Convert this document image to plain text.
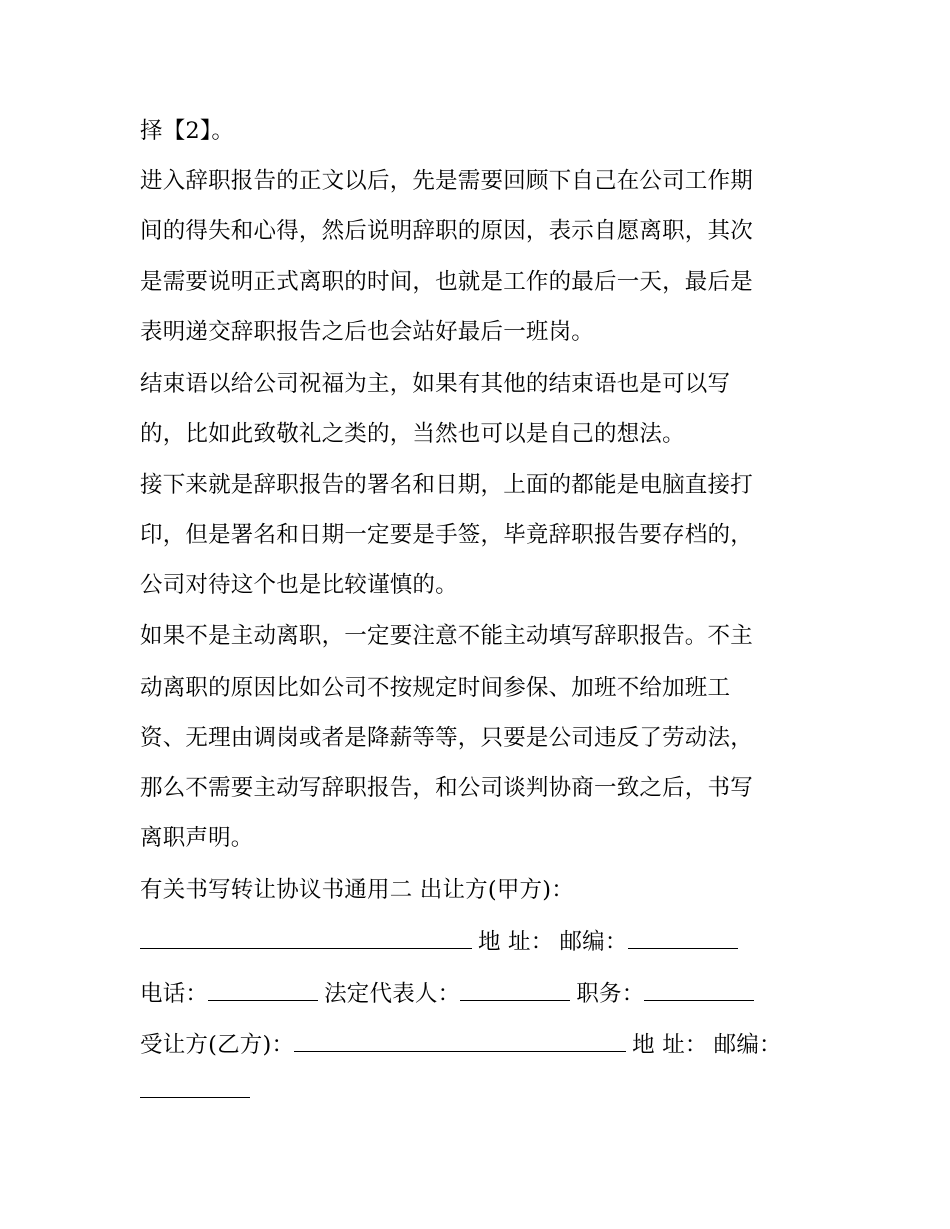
择【2】。

进入辞职报告的正文以后，先是需要回顾下自己在公司工作期

间的得失和心得，然后说明辞职的原因，表示自愿离职，其次

是需要说明正式离职的时间，也就是工作的最后一天，最后是

表明递交辞职报告之后也会站好最后一班岗。

结束语以给公司祝福为主，如果有其他的结束语也是可以写

的，比如此致敬礼之类的，当然也可以是自己的想法。

接下来就是辞职报告的署名和日期，上面的都能是电脑直接打

印，但是署名和日期一定要是手签，毕竟辞职报告要存档的，

公司对待这个也是比较谨慎的。

如果不是主动离职，一定要注意不能主动填写辞职报告。不主

动离职的原因比如公司不按规定时间参保、加班不给加班工

资、无理由调岗或者是降薪等等，只要是公司违反了劳动法，

那么不需要主动写辞职报告，和公司谈判协商一致之后，书写

离职声明。

有关书写转让协议书通用二 出让方(甲方)：

地 址： 邮编：

电话：	法定代表人：	职务：

受让方(乙方)：	地 址： 邮编：
